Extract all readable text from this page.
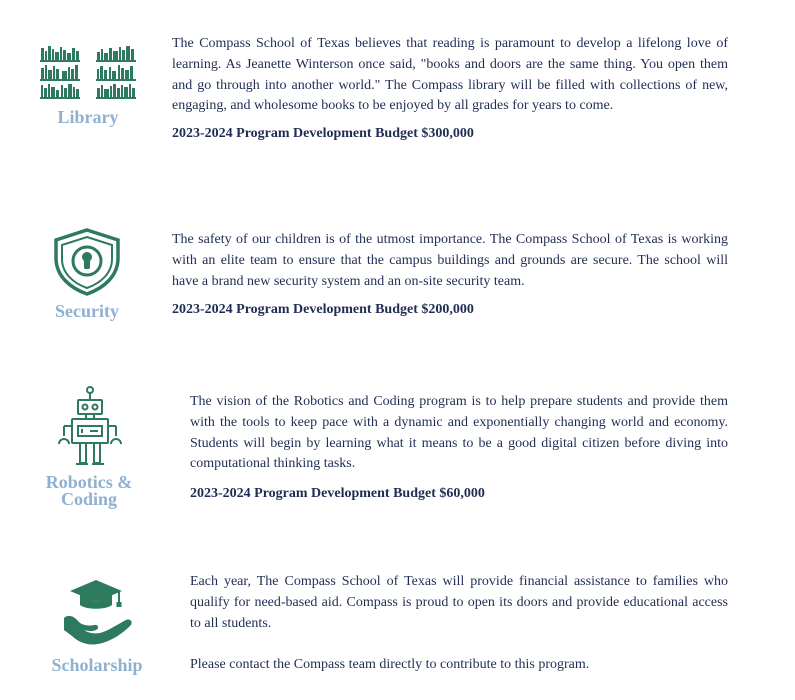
Library

The Compass School of Texas believes that reading is paramount to develop a lifelong love of learning. As Jeanette Winterson once said, "books and doors are the same thing. You open them and go through into another world." The Compass library will be filled with collections of new, engaging, and wholesome books to be enjoyed by all grades for years to come.

2023-2024 Program Development Budget $300,000

Security

The safety of our children is of the utmost importance. The Compass School of Texas is working with an elite team to ensure that the campus buildings and grounds are secure. The school will have a brand new security system and an on-site security team.

2023-2024 Program Development Budget $200,000

Robotics &
Coding

The vision of the Robotics and Coding program is to help prepare students and provide them with the tools to keep pace with a dynamic and exponentially changing world and economy. Students will begin by learning what it means to be a good digital citizen before diving into computational thinking tasks.

2023-2024 Program Development Budget $60,000

Scholarship

Each year, The Compass School of Texas will provide financial assistance to families who qualify for need-based aid. Compass is proud to open its doors and provide educational access to all students.

Please contact the Compass team directly to contribute to this program.
